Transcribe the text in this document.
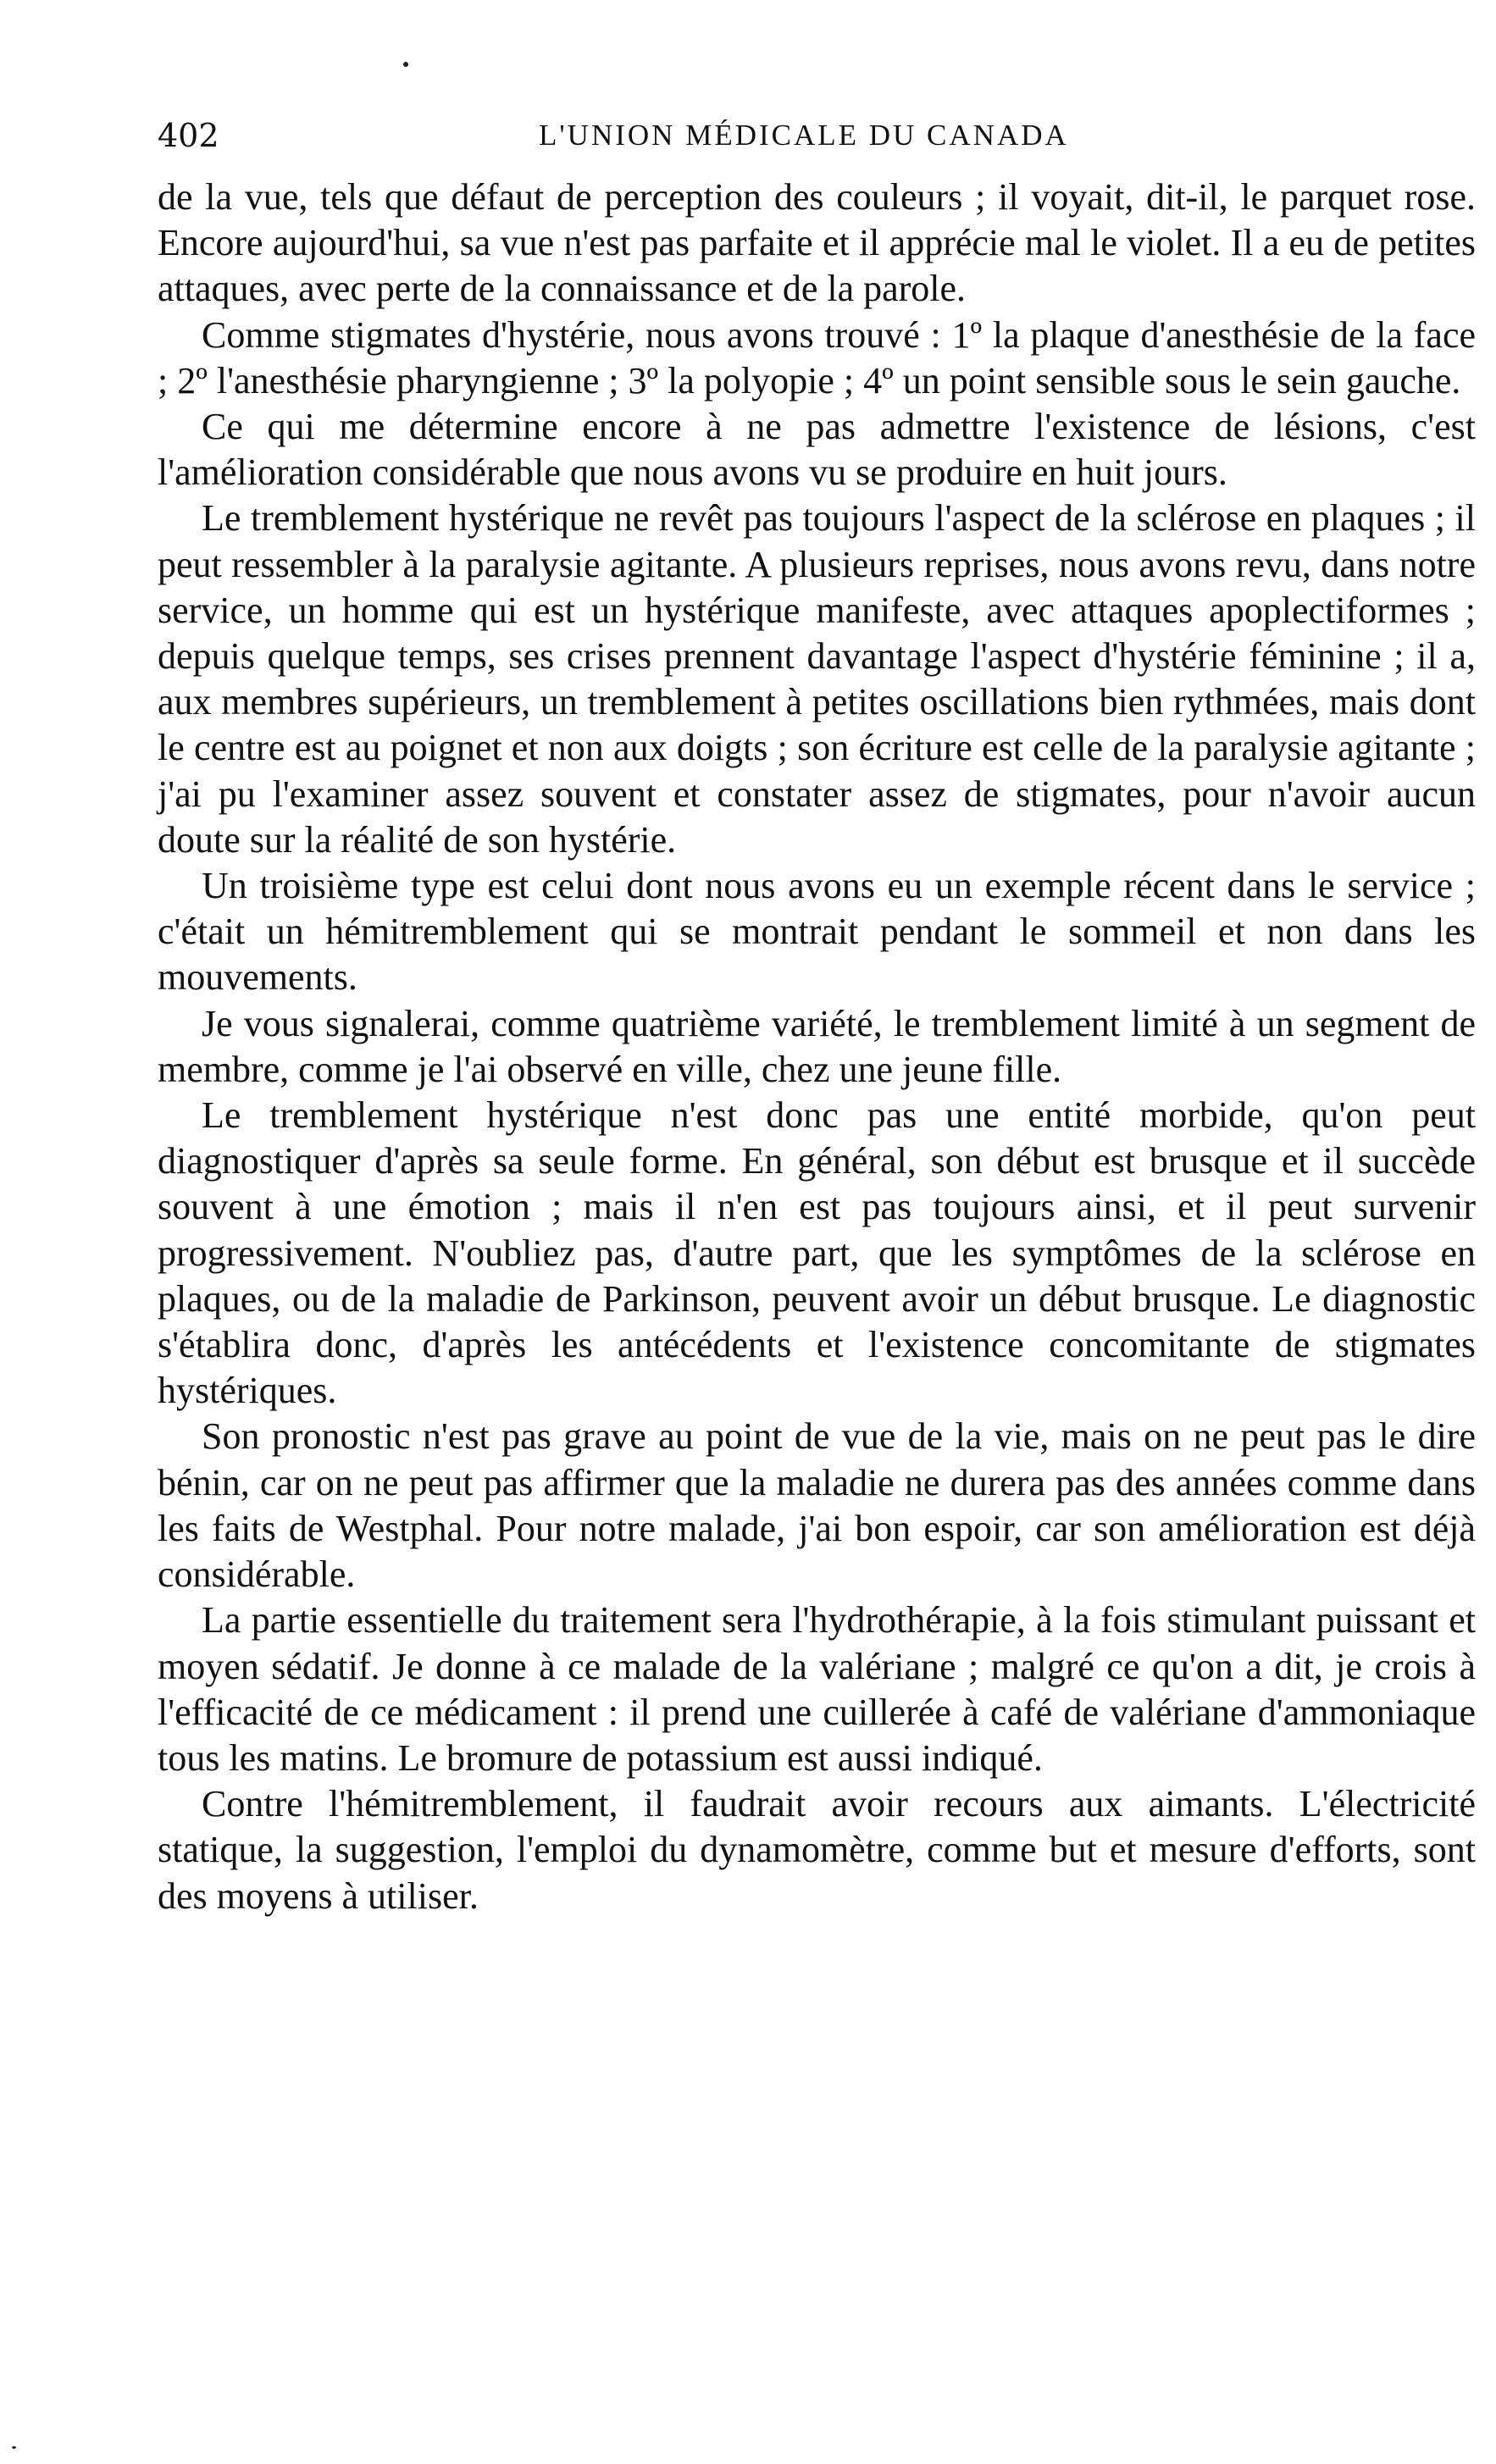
402	L'UNION MÉDICALE DU CANADA

de la vue, tels que défaut de perception des couleurs ; il voyait, dit-il, le parquet rose. Encore aujourd'hui, sa vue n'est pas parfaite et il apprécie mal le violet. Il a eu de petites attaques, avec perte de la connaissance et de la parole.

Comme stigmates d'hystérie, nous avons trouvé : 1º la plaque d'anesthésie de la face ; 2º l'anesthésie pharyngienne ; 3º la polyopie ; 4º un point sensible sous le sein gauche.

Ce qui me détermine encore à ne pas admettre l'existence de lésions, c'est l'amélioration considérable que nous avons vu se produire en huit jours.

Le tremblement hystérique ne revêt pas toujours l'aspect de la sclérose en plaques ; il peut ressembler à la paralysie agitante. A plusieurs reprises, nous avons revu, dans notre service, un homme qui est un hystérique manifeste, avec attaques apoplectiformes ; depuis quelque temps, ses crises prennent davantage l'aspect d'hystérie féminine ; il a, aux membres supérieurs, un tremblement à petites oscillations bien rythmées, mais dont le centre est au poignet et non aux doigts ; son écriture est celle de la paralysie agitante ; j'ai pu l'examiner assez souvent et constater assez de stigmates, pour n'avoir aucun doute sur la réalité de son hystérie.

Un troisième type est celui dont nous avons eu un exemple récent dans le service ; c'était un hémitremblement qui se montrait pendant le sommeil et non dans les mouvements.

Je vous signalerai, comme quatrième variété, le tremblement limité à un segment de membre, comme je l'ai observé en ville, chez une jeune fille.

Le tremblement hystérique n'est donc pas une entité morbide, qu'on peut diagnostiquer d'après sa seule forme. En général, son début est brusque et il succède souvent à une émotion ; mais il n'en est pas toujours ainsi, et il peut survenir progressivement. N'oubliez pas, d'autre part, que les symptômes de la sclérose en plaques, ou de la maladie de Parkinson, peuvent avoir un début brusque. Le diagnostic s'établira donc, d'après les antécédents et l'existence concomitante de stigmates hystériques.

Son pronostic n'est pas grave au point de vue de la vie, mais on ne peut pas le dire bénin, car on ne peut pas affirmer que la maladie ne durera pas des années comme dans les faits de Westphal. Pour notre malade, j'ai bon espoir, car son amélioration est déjà considérable.

La partie essentielle du traitement sera l'hydrothérapie, à la fois stimulant puissant et moyen sédatif. Je donne à ce malade de la valériane ; malgré ce qu'on a dit, je crois à l'efficacité de ce médicament : il prend une cuillerée à café de valériane d'ammoniaque tous les matins. Le bromure de potassium est aussi indiqué.

Contre l'hémitremblement, il faudrait avoir recours aux aimants. L'électricité statique, la suggestion, l'emploi du dynamomètre, comme but et mesure d'efforts, sont des moyens à utiliser.
